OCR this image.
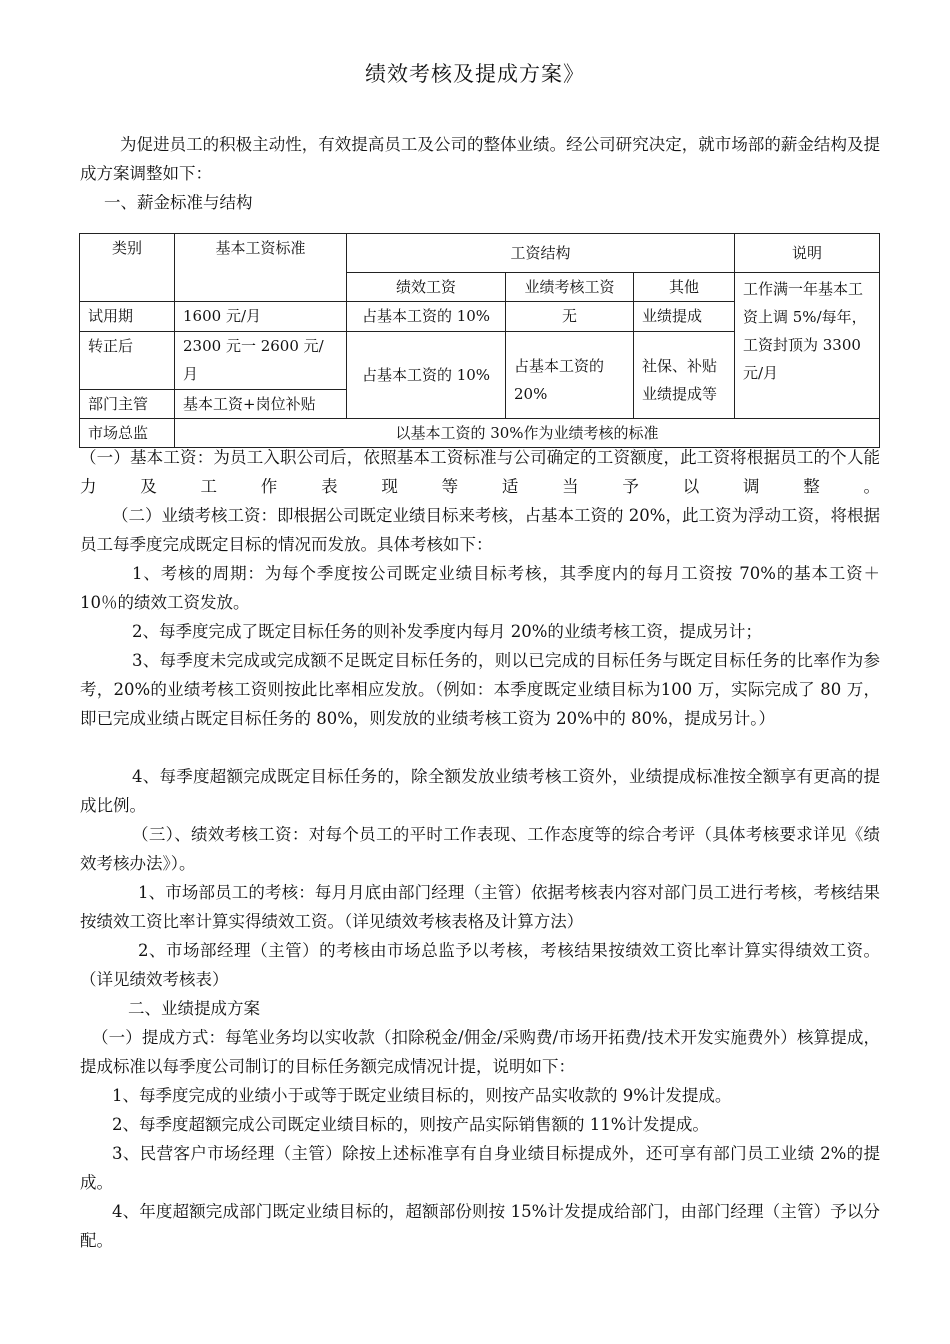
绩效考核及提成方案》

为促进员工的积极主动性，有效提高员工及公司的整体业绩。经公司研究决定，就市场部的薪金结构及提成方案调整如下：

一、薪金标准与结构

类别	基本工资标准	工资结构			说明
		绩效工资	业绩考核工资	其他	工作满一年基本工资上调 5%/每年，工资封顶为 3300 元/月
试用期	1600 元/月	占基本工资的 10%	无	业绩提成	
转正后	2300 元一 2600 元/月	占基本工资的 10%	占基本工资的 20%	社保、补贴业绩提成等	
部门主管	基本工资+岗位补贴				
市场总监	以基本工资的 30%作为业绩考核的标准				

（一）基本工资：为员工入职公司后，依照基本工资标准与公司确定的工资额度，此工资将根据员工的个人能力及工作表现等适当予以调整。

（二）业绩考核工资：即根据公司既定业绩目标来考核，占基本工资的 20%，此工资为浮动工资，将根据员工每季度完成既定目标的情况而发放。具体考核如下：

1、考核的周期：为每个季度按公司既定业绩目标考核，其季度内的每月工资按 70%的基本工资＋10％的绩效工资发放。

2、每季度完成了既定目标任务的则补发季度内每月 20%的业绩考核工资，提成另计；

3、每季度未完成或完成额不足既定目标任务的，则以已完成的目标任务与既定目标任务的比率作为参考，20%的业绩考核工资则按此比率相应发放。（例如：本季度既定业绩目标为100 万，实际完成了 80 万，即已完成业绩占既定目标任务的 80%，则发放的业绩考核工资为 20%中的 80%，提成另计。）

4、每季度超额完成既定目标任务的，除全额发放业绩考核工资外，业绩提成标准按全额享有更高的提成比例。

（三）、绩效考核工资：对每个员工的平时工作表现、工作态度等的综合考评（具体考核要求详见《绩效考核办法》）。

1、市场部员工的考核：每月月底由部门经理（主管）依据考核表内容对部门员工进行考核，考核结果按绩效工资比率计算实得绩效工资。（详见绩效考核表格及计算方法）

2、市场部经理（主管）的考核由市场总监予以考核，考核结果按绩效工资比率计算实得绩效工资。（详见绩效考核表）

二、业绩提成方案

（一）提成方式：每笔业务均以实收款（扣除税金/佣金/采购费/市场开拓费/技术开发实施费外）核算提成，提成标准以每季度公司制订的目标任务额完成情况计提，说明如下：

1、每季度完成的业绩小于或等于既定业绩目标的，则按产品实收款的 9%计发提成。

2、每季度超额完成公司既定业绩目标的，则按产品实际销售额的 11%计发提成。

3、民营客户市场经理（主管）除按上述标准享有自身业绩目标提成外，还可享有部门员工业绩 2%的提成。

4、年度超额完成部门既定业绩目标的，超额部份则按 15%计发提成给部门，由部门经理（主管）予以分配。
